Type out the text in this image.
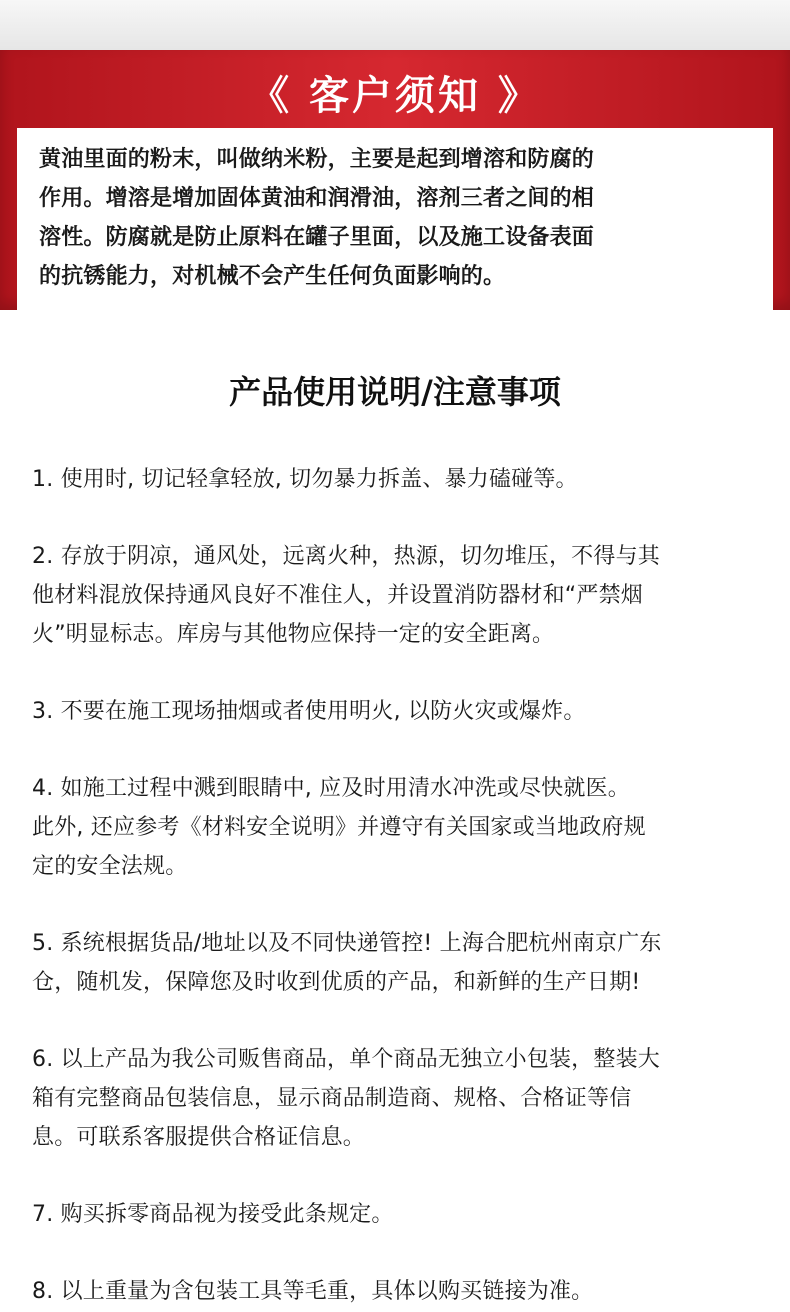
《 客户须知 》

黄油里面的粉末，叫做纳米粉，主要是起到增溶和防腐的
作用。增溶是增加固体黄油和润滑油，溶剂三者之间的相
溶性。防腐就是防止原料在罐子里面，以及施工设备表面
的抗锈能力，对机械不会产生任何负面影响的。

产品使用说明/注意事项
1. 使用时, 切记轻拿轻放, 切勿暴力拆盖、暴力磕碰等。
2. 存放于阴凉，通风处，远离火种，热源，切勿堆压，不得与其
他材料混放保持通风良好不准住人，并设置消防器材和“严禁烟
火”明显标志。库房与其他物应保持一定的安全距离。
3. 不要在施工现场抽烟或者使用明火, 以防火灾或爆炸。
4. 如施工过程中溅到眼睛中, 应及时用清水冲洗或尽快就医。
此外, 还应参考《材料安全说明》并遵守有关国家或当地政府规
定的安全法规。
5. 系统根据货品/地址以及不同快递管控! 上海合肥杭州南京广东
仓，随机发，保障您及时收到优质的产品，和新鲜的生产日期!
6. 以上产品为我公司贩售商品，单个商品无独立小包装，整装大
箱有完整商品包装信息，显示商品制造商、规格、合格证等信
息。可联系客服提供合格证信息。
7. 购买拆零商品视为接受此条规定。
8. 以上重量为含包装工具等毛重，具体以购买链接为准。
